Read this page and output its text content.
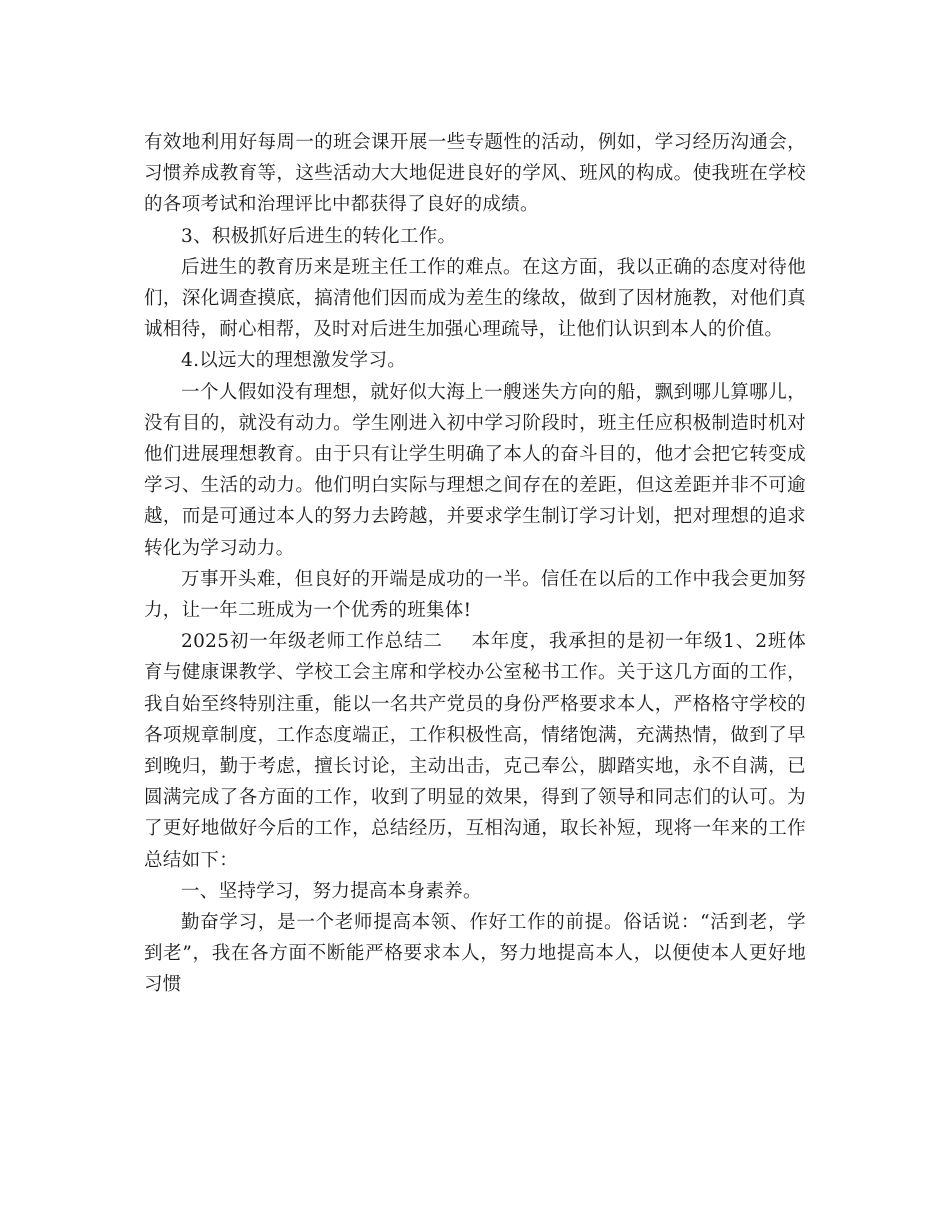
有效地利用好每周一的班会课开展一些专题性的活动，例如，学习经历沟通会，习惯养成教育等，这些活动大大地促进良好的学风、班风的构成。使我班在学校的各项考试和治理评比中都获得了良好的成绩。

3、积极抓好后进生的转化工作。

后进生的教育历来是班主任工作的难点。在这方面，我以正确的态度对待他们，深化调查摸底，搞清他们因而成为差生的缘故，做到了因材施教，对他们真诚相待，耐心相帮，及时对后进生加强心理疏导，让他们认识到本人的价值。

4.以远大的理想激发学习。

一个人假如没有理想，就好似大海上一艘迷失方向的船，飘到哪儿算哪儿，没有目的，就没有动力。学生刚进入初中学习阶段时，班主任应积极制造时机对他们进展理想教育。由于只有让学生明确了本人的奋斗目的，他才会把它转变成学习、生活的动力。他们明白实际与理想之间存在的差距，但这差距并非不可逾越，而是可通过本人的努力去跨越，并要求学生制订学习计划，把对理想的追求转化为学习动力。

万事开头难，但良好的开端是成功的一半。信任在以后的工作中我会更加努力，让一年二班成为一个优秀的班集体!

2025初一年级老师工作总结二 本年度，我承担的是初一年级1、2班体育与健康课教学、学校工会主席和学校办公室秘书工作。关于这几方面的工作，我自始至终特别注重，能以一名共产党员的身份严格要求本人，严格格守学校的各项规章制度，工作态度端正，工作积极性高，情绪饱满，充满热情，做到了早到晚归，勤于考虑，擅长讨论，主动出击，克己奉公，脚踏实地，永不自满，已圆满完成了各方面的工作，收到了明显的效果，得到了领导和同志们的认可。为了更好地做好今后的工作，总结经历，互相沟通，取长补短，现将一年来的工作总结如下：

一、坚持学习，努力提高本身素养。

勤奋学习，是一个老师提高本领、作好工作的前提。俗话说：“活到老，学到老”，我在各方面不断能严格要求本人，努力地提高本人，以便使本人更好地习惯
